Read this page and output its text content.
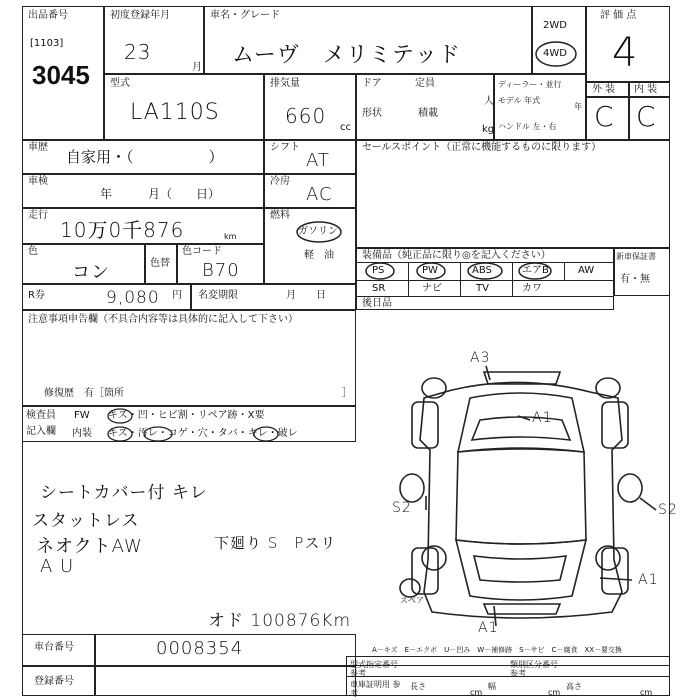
出品番号
[1103]
3045
初度登録年月
23
月
車名・グレード
ムーヴ　メリミテッド
2WD
4WD
評 価 点
4
型式
LA110S
排気量
660 cc
ドア	定員
人
形状	積載
kg
ディーラー・並行
モデル 年式
年
ハンドル 左・右
外 装 内 装
C C
車歴
自家用・（　　　　　）
車検
年　　　月（　　日）
走行
10万0千876	km
色
コン	色替
色コード
B70
R券	9,080 円 名変期限	月　　日
注意事項申告欄（不具合内容等は具体的に記入して下さい）
修復歴　有［箇所	］
シフト
AT
冷房
AC
燃料
ガソリン
軽　油
セールスポイント（正常に機能するものに限ります）
装備品（純正品に限り◎を記入ください）	新車保証書
有・無
PS	PW	ABS	エアB	AW
SR	ナビ	TV	カワ
後日品
検査員
記入欄
FW キズ・凹・ヒビ割・リペア跡・X要
内装 キズ・汚レ・コゲ・穴・タバ・キレ・破レ
シートカバー付 キレ
スタットレス
ネオクトAW
A U
下廻り S　Pスリ
オド 100876Km
A3
A1
S2	S2
A1
A1
スペア
A－キズ　E－エクボ　U－凹み　W－補修跡　S－サビ　C－腐食　XX－要交換
車台番号	0008354
登録番号
型式指定番号 参考
類別区分番号 参考
車庫証明用 参考
長さ
cm
幅
cm
高さ
cm
